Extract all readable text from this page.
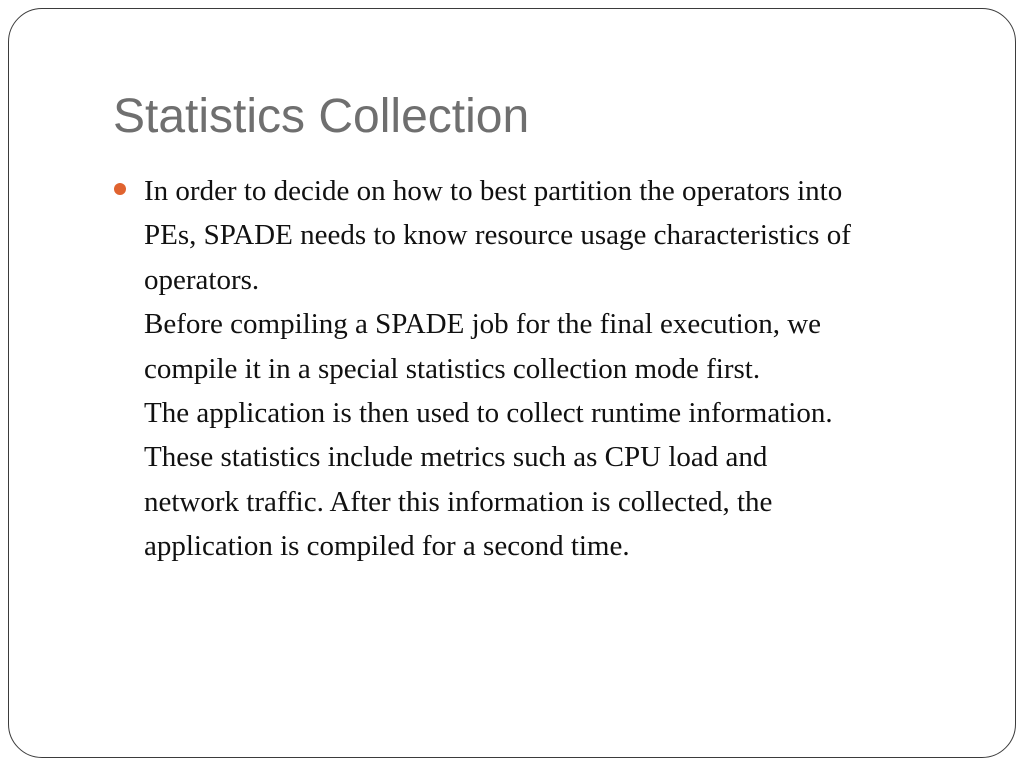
Statistics Collection
In order to decide on how to best partition the operators into
PEs, SPADE needs to know resource usage characteristics of
operators.
Before compiling a SPADE job for the final execution, we
compile it in a special statistics collection mode first.
The application is then used to collect runtime information.
These statistics include metrics such as CPU load and
network traffic. After this information is collected, the
application is compiled for a second time.
